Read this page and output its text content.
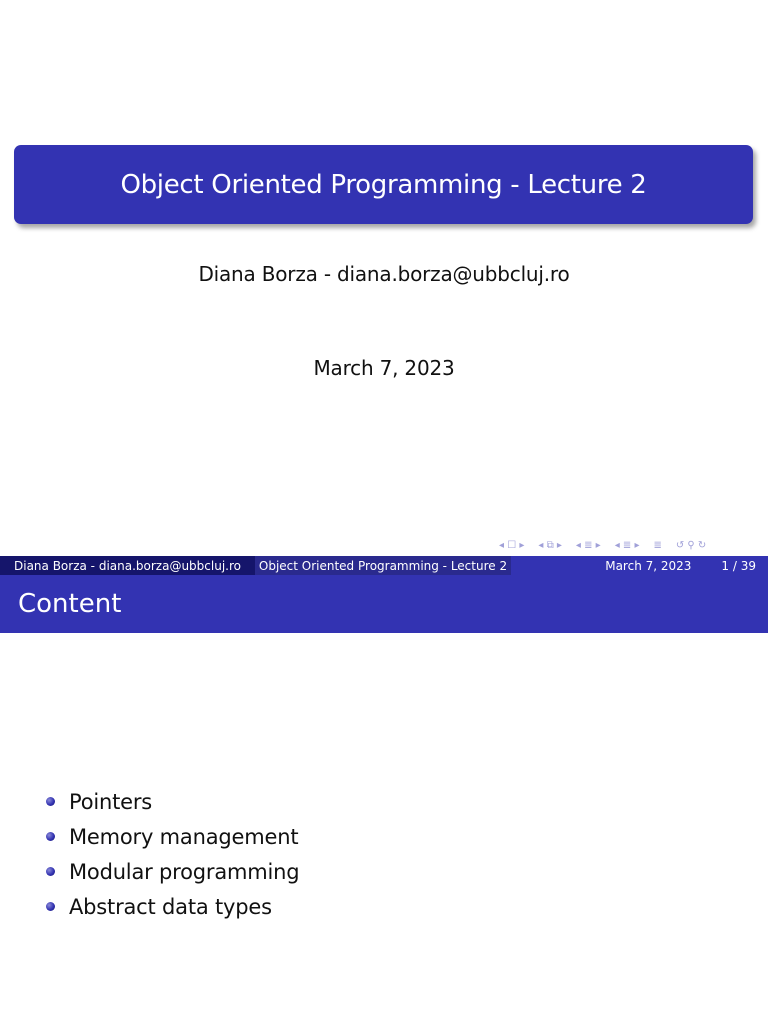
Object Oriented Programming - Lecture 2
Diana Borza - diana.borza@ubbcluj.ro
March 7, 2023
◂ ☐ ▸ ◂ ⧉ ▸ ◂ ≣ ▸ ◂ ≣ ▸ ≣ ↺ ⚲ ↻
Diana Borza - diana.borza@ubbcluj.ro	Object Oriented Programming - Lecture 2	March 7, 2023	1 / 39
Content
Pointers
Memory management
Modular programming
Abstract data types
